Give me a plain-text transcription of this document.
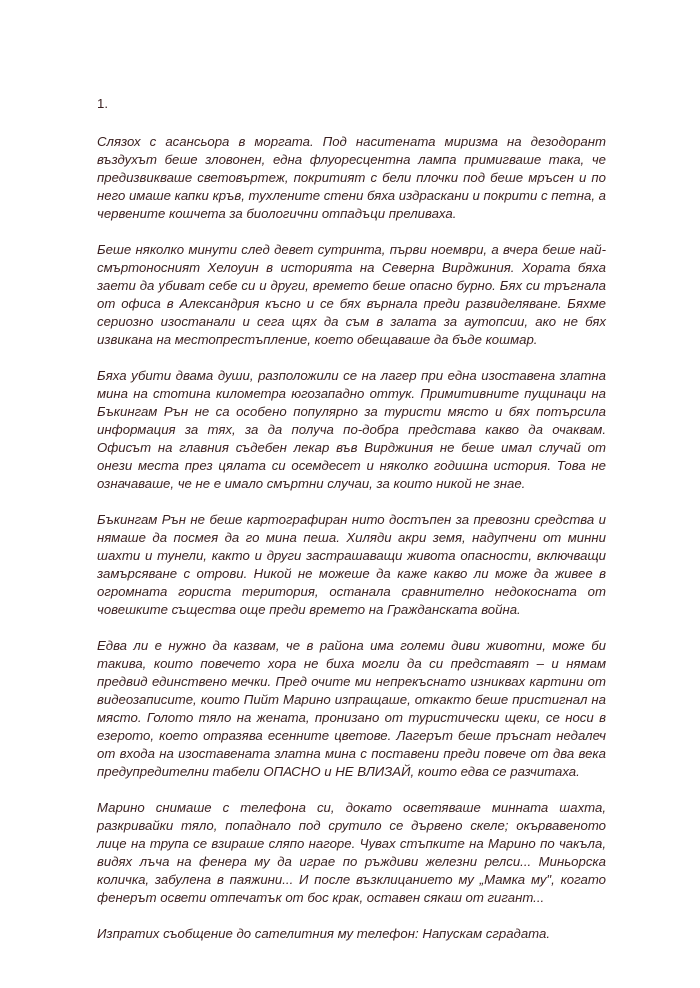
1.

Слязох с асансьора в моргата. Под наситената миризма на дезодорант въздухът беше зловонен, една флуоресцентна лампа примигваше така, че предизвикваше световъртеж, покритият с бели плочки под беше мръсен и по него имаше капки кръв, тухлените стени бяха издраскани и покрити с петна, а червените кошчета за биологични отпадъци преливаха.

Беше няколко минути след девет сутринта, първи ноември, а вчера беше най-смъртоносният Хелоуин в историята на Северна Вирджиния. Хората бяха заети да убиват себе си и други, времето беше опасно бурно. Бях си тръгнала от офиса в Александрия късно и се бях върнала преди развиделяване. Бяхме сериозно изостанали и сега щях да съм в залата за аутопсии, ако не бях извикана на местопрестъпление, което обещаваше да бъде кошмар.

Бяха убити двама души, разположили се на лагер при една изоставена златна мина на стотина километра югозападно оттук. Примитивните пущинаци на Бъкингам Рън не са особено популярно за туристи място и бях потърсила информация за тях, за да получа по-добра представа какво да очаквам. Офисът на главния съдебен лекар във Вирджиния не беше имал случай от онези места през цялата си осемдесет и няколко годишна история. Това не означаваше, че не е имало смъртни случаи, за които никой не знае.

Бъкингам Рън не беше картографиран нито достъпен за превозни средства и нямаше да посмея да го мина пеша. Хиляди акри земя, надупчени от минни шахти и тунели, както и други застрашаващи живота опасности, включващи замърсяване с отрови. Никой не можеше да каже какво ли може да живее в огромната гориста територия, останала сравнително недокосната от човешките същества още преди времето на Гражданската война.

Едва ли е нужно да казвам, че в района има големи диви животни, може би такива, които повечето хора не биха могли да си представят – и нямам предвид единствено мечки. Пред очите ми непрекъснато изниквах картини от видеозаписите, които Пийт Марино изпращаше, откакто беше пристигнал на място. Голото тяло на жената, пронизано от туристически щеки, се носи в езерото, което отразява есенните цветове. Лагерът беше пръснат недалеч от входа на изоставената златна мина с поставени преди повече от два века предупредителни табели ОПАСНО и НЕ ВЛИЗАЙ, които едва се разчитаха.

Марино снимаше с телефона си, докато осветяваше минната шахта, разкривайки тяло, попаднало под срутило се дървено скеле; окървавеното лице на трупа се взираше сляпо нагоре. Чувах стъпките на Марино по чакъла, видях лъча на фенера му да играе по ръждиви железни релси... Миньорска количка, забулена в паяжини... И после възклицанието му „Мамка му", когато фенерът освети отпечатък от бос крак, оставен сякаш от гигант...

Изпратих съобщение до сателитния му телефон: Напускам сградата.
